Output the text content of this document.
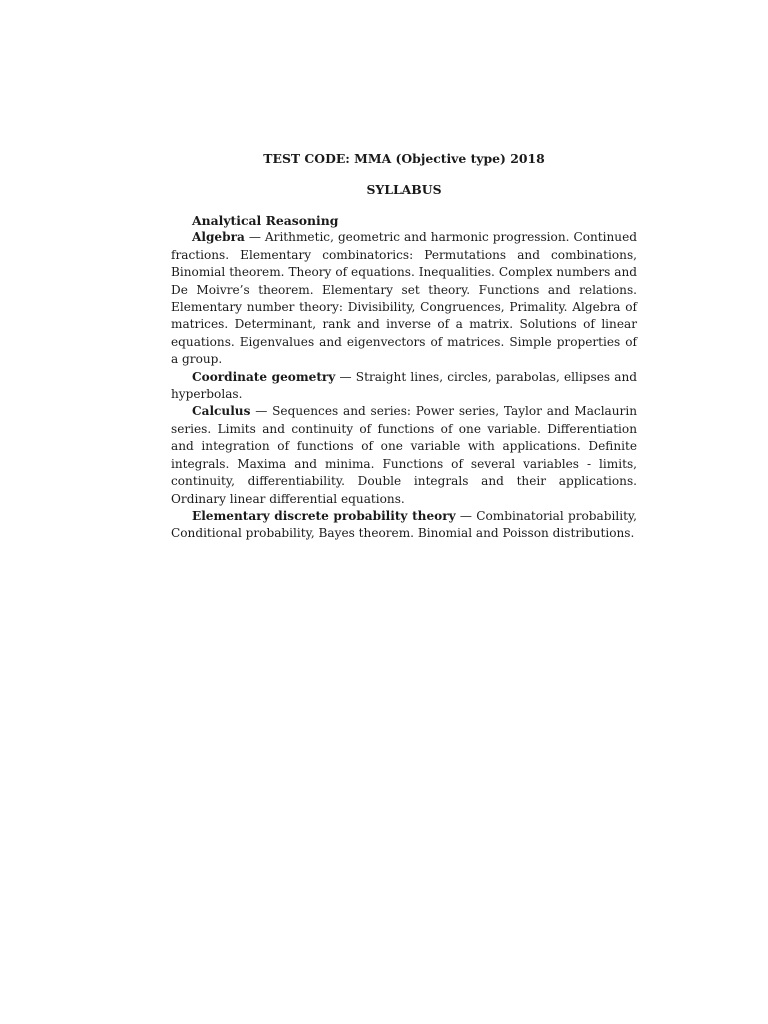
TEST CODE: MMA (Objective type) 2018
SYLLABUS
Analytical Reasoning

Algebra — Arithmetic, geometric and harmonic progression. Continued fractions. Elementary combinatorics: Permutations and combinations, Binomial theorem. Theory of equations. Inequalities. Complex numbers and De Moivre’s theorem. Elementary set theory. Functions and relations. Elementary number theory: Divisibility, Congruences, Primality. Algebra of matrices. Determinant, rank and inverse of a matrix. Solutions of linear equations. Eigenvalues and eigenvectors of matrices. Simple properties of a group.

Coordinate geometry — Straight lines, circles, parabolas, ellipses and hyperbolas.

Calculus — Sequences and series: Power series, Taylor and Maclaurin series. Limits and continuity of functions of one variable. Differentiation and integration of functions of one variable with applications. Definite integrals. Maxima and minima. Functions of several variables - limits, continuity, differentiability. Double integrals and their applications. Ordinary linear differential equations.

Elementary discrete probability theory — Combinatorial probability, Conditional probability, Bayes theorem. Binomial and Poisson distributions.
